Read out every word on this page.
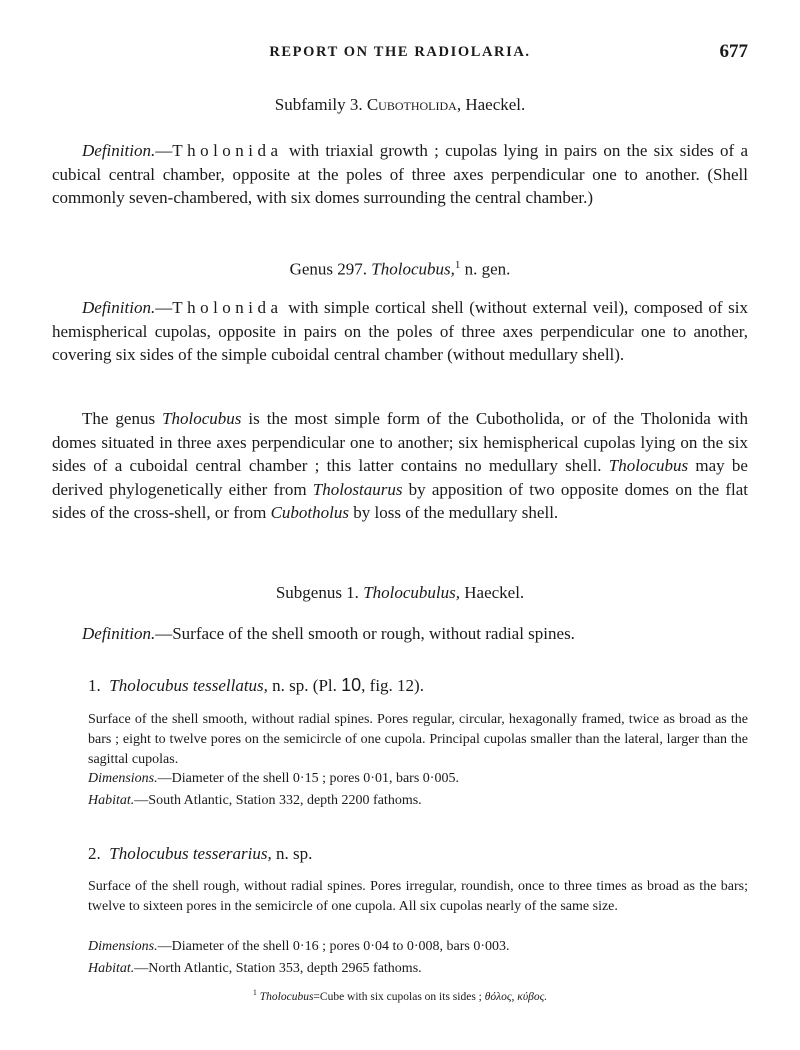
REPORT ON THE RADIOLARIA.	677
Subfamily 3. Cubotholida, Haeckel.
Definition.—Tholonida with triaxial growth ; cupolas lying in pairs on the six sides of a cubical central chamber, opposite at the poles of three axes perpendicular one to another. (Shell commonly seven-chambered, with six domes surrounding the central chamber.)
Genus 297. Tholocubus,$^1$ n. gen.
Definition.—Tholonida with simple cortical shell (without external veil), composed of six hemispherical cupolas, opposite in pairs on the poles of three axes perpendicular one to another, covering six sides of the simple cuboidal central chamber (without medullary shell).
The genus Tholocubus is the most simple form of the Cubotholida, or of the Tholonida with domes situated in three axes perpendicular one to another; six hemispherical cupolas lying on the six sides of a cuboidal central chamber ; this latter contains no medullary shell. Tholocubus may be derived phylogenetically either from Tholostaurus by apposition of two opposite domes on the flat sides of the cross-shell, or from Cubotholus by loss of the medullary shell.
Subgenus 1. Tholocubulus, Haeckel.
Definition.—Surface of the shell smooth or rough, without radial spines.
1. Tholocubus tessellatus, n. sp. (Pl. 10, fig. 12).
Surface of the shell smooth, without radial spines. Pores regular, circular, hexagonally framed, twice as broad as the bars ; eight to twelve pores on the semicircle of one cupola. Principal cupolas smaller than the lateral, larger than the sagittal cupolas.
Dimensions.—Diameter of the shell 0·15 ; pores 0·01, bars 0·005.
Habitat.—South Atlantic, Station 332, depth 2200 fathoms.
2. Tholocubus tesserarius, n. sp.
Surface of the shell rough, without radial spines. Pores irregular, roundish, once to three times as broad as the bars; twelve to sixteen pores in the semicircle of one cupola. All six cupolas nearly of the same size.
Dimensions.—Diameter of the shell 0·16 ; pores 0·04 to 0·008, bars 0·003.
Habitat.—North Atlantic, Station 353, depth 2965 fathoms.
$^1$ Tholocubus=Cube with six cupolas on its sides ; θόλος, κύβος.
